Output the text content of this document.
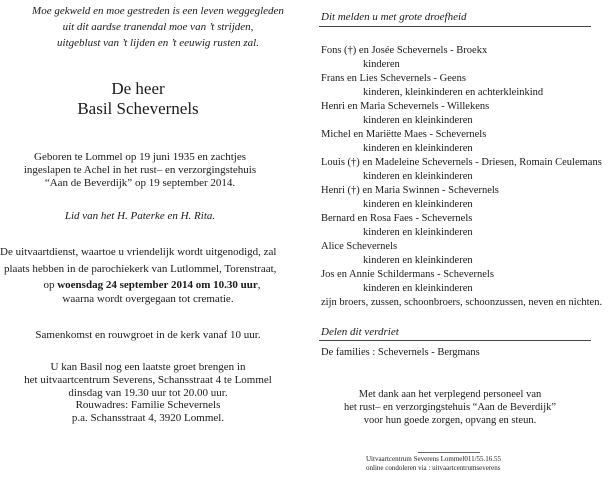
Moe gekweld en moe gestreden is een leven weggegleden
uit dit aardse tranendal moe van ’t strijden,
uitgeblust van ’t lijden en ’t eeuwig rusten zal.
De heer
Basil Schevernels
Geboren te Lommel op 19 juni 1935 en zachtjes
ingeslapen te Achel in het rust– en verzorgingstehuis
“Aan de Beverdijk” op 19 september 2014.
Lid van het H. Paterke en H. Rita.
De uitvaartdienst, waartoe u vriendelijk wordt uitgenodigd, zal
plaats hebben in de parochiekerk van Lutlommel, Torenstraat,
op woensdag 24 september 2014 om 10.30 uur,
waarna wordt overgegaan tot crematie.
Samenkomst en rouwgroet in de kerk vanaf 10 uur.
U kan Basil nog een laatste groet brengen in
het uitvaartcentrum Severens, Schansstraat 4 te Lommel
dinsdag van 19.30 uur tot 20.00 uur.
Rouwadres: Familie Schevernels
p.a. Schansstraat 4, 3920 Lommel.
Dit melden u met grote droefheid
Fons (†) en Josée Schevernels - Broekx
kinderen
Frans en Lies Schevernels - Geens
kinderen, kleinkinderen en achterkleinkind
Henri en Maria Schevernels - Willekens
kinderen en kleinkinderen
Michel en Mariëtte Maes - Schevernels
kinderen en kleinkinderen
Louis (†) en Madeleine Schevernels - Driesen, Romain Ceulemans
kinderen en kleinkinderen
Henri (†) en Maria Swinnen - Schevernels
kinderen en kleinkinderen
Bernard en Rosa Faes - Schevernels
kinderen en kleinkinderen
Alice Schevernels
kinderen en kleinkinderen
Jos en Annie Schildermans - Schevernels
kinderen en kleinkinderen
zijn broers, zussen, schoonbroers, schoonzussen, neven en nichten.
Delen dit verdriet
De families : Schevernels - Bergmans
Met dank aan het verplegend personeel van
het rust– en verzorgingstehuis “Aan de Beverdijk”
voor hun goede zorgen, opvang en steun.
Uitvaartcentrum Severens Lommel011/55.16.55
online condoleren via : uitvaartcentrumseverens
